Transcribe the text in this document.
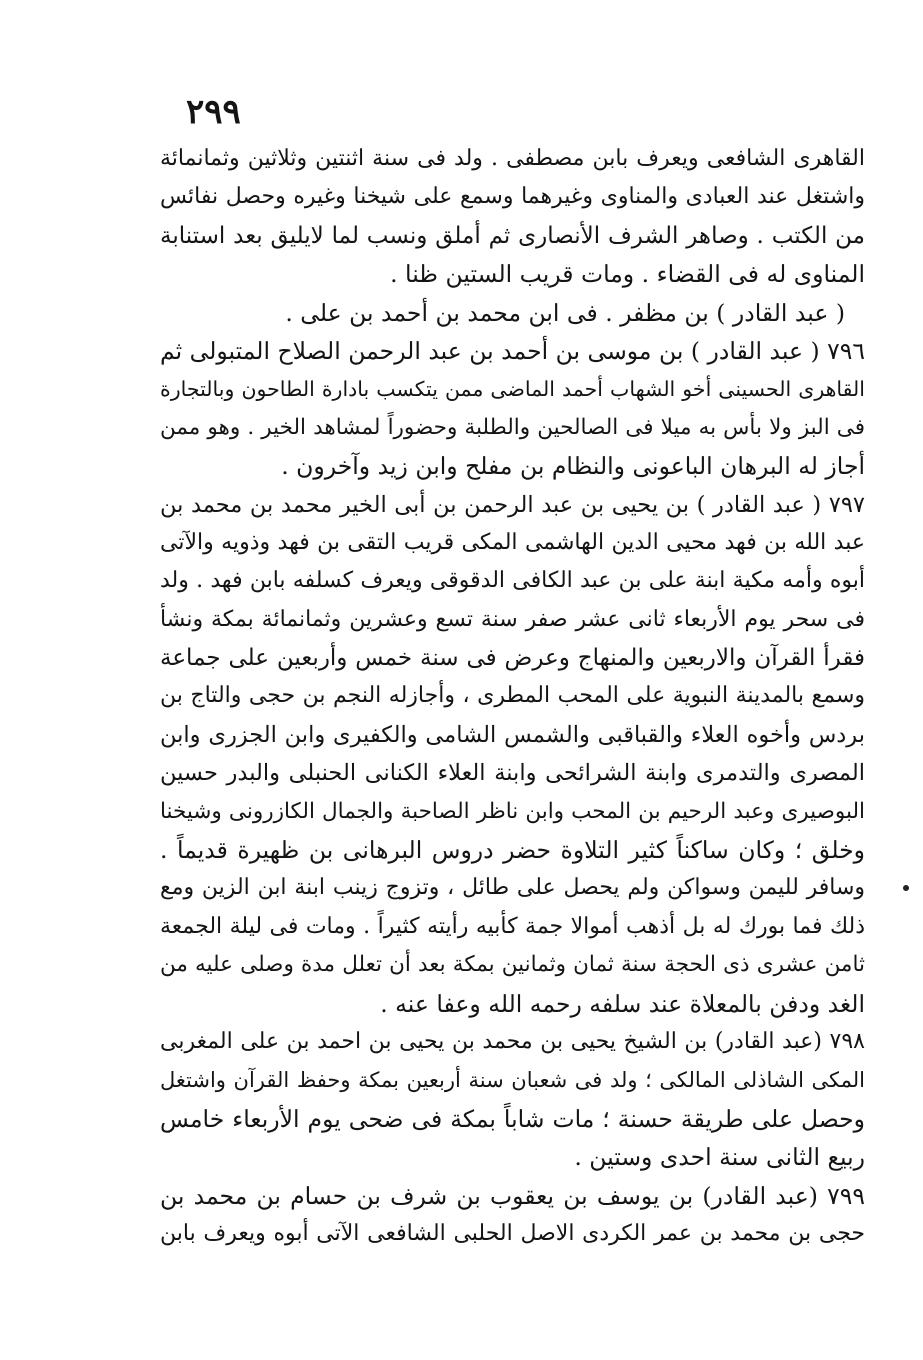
٢٩٩
القاهرى الشافعى ويعرف بابن مصطفى . ولد فى سنة اثنتين وثلاثين وثمانمائة
واشتغل عند العبادى والمناوى وغيرهما وسمع على شيخنا وغيره وحصل نفائس
من الكتب . وصاهر الشرف الأنصارى ثم أملق ونسب لما لايليق بعد استنابة
المناوى له فى القضاء . ومات قريب الستين ظنا .
( عبد القادر ) بن مظفر . فى ابن محمد بن أحمد بن على .
٧٩٦ ( عبد القادر ) بن موسى بن أحمد بن عبد الرحمن الصلاح المتبولى ثم
القاهرى الحسينى أخو الشهاب أحمد الماضى ممن يتكسب بادارة الطاحون وبالتجارة
فى البز ولا بأس به ميلا فى الصالحين والطلبة وحضوراً لمشاهد الخير . وهو ممن
أجاز له البرهان الباعونى والنظام بن مفلح وابن زيد وآخرون .
٧٩٧ ( عبد القادر ) بن يحيى بن عبد الرحمن بن أبى الخير محمد بن محمد بن
عبد الله بن فهد محيى الدين الهاشمى المكى قريب التقى بن فهد وذويه والآتى
أبوه وأمه مكية ابنة على بن عبد الكافى الدقوقى ويعرف كسلفه بابن فهد . ولد
فى سحر يوم الأربعاء ثانى عشر صفر سنة تسع وعشرين وثمانمائة بمكة ونشأ
فقرأ القرآن والاربعين والمنهاج وعرض فى سنة خمس وأربعين على جماعة
وسمع بالمدينة النبوية على المحب المطرى ، وأجازله النجم بن حجى والتاج بن
بردس وأخوه العلاء والقباقبى والشمس الشامى والكفيرى وابن الجزرى وابن
المصرى والتدمرى وابنة الشرائحى وابنة العلاء الكنانى الحنبلى والبدر حسين
البوصيرى وعبد الرحيم بن المحب وابن ناظر الصاحبة والجمال الكازرونى وشيخنا
وخلق ؛ وكان ساكناً كثير التلاوة حضر دروس البرهانى بن ظهيرة قديماً .
وسافر لليمن وسواكن ولم يحصل على طائل ، وتزوج زينب ابنة ابن الزين ومع
ذلك فما بورك له بل أذهب أموالا جمة كأبيه رأيته كثيراً . ومات فى ليلة الجمعة
ثامن عشرى ذى الحجة سنة ثمان وثمانين بمكة بعد أن تعلل مدة وصلى عليه من
الغد ودفن بالمعلاة عند سلفه رحمه الله وعفا عنه .
٧٩٨ (عبد القادر) بن الشيخ يحيى بن محمد بن يحيى بن احمد بن على المغربى
المكى الشاذلى المالكى ؛ ولد فى شعبان سنة أربعين بمكة وحفظ القرآن واشتغل
وحصل على طريقة حسنة ؛ مات شاباً بمكة فى ضحى يوم الأربعاء خامس
ربيع الثانى سنة احدى وستين .
٧٩٩ (عبد القادر) بن يوسف بن يعقوب بن شرف بن حسام بن محمد بن
حجى بن محمد بن عمر الكردى الاصل الحلبى الشافعى الآتى أبوه ويعرف بابن
